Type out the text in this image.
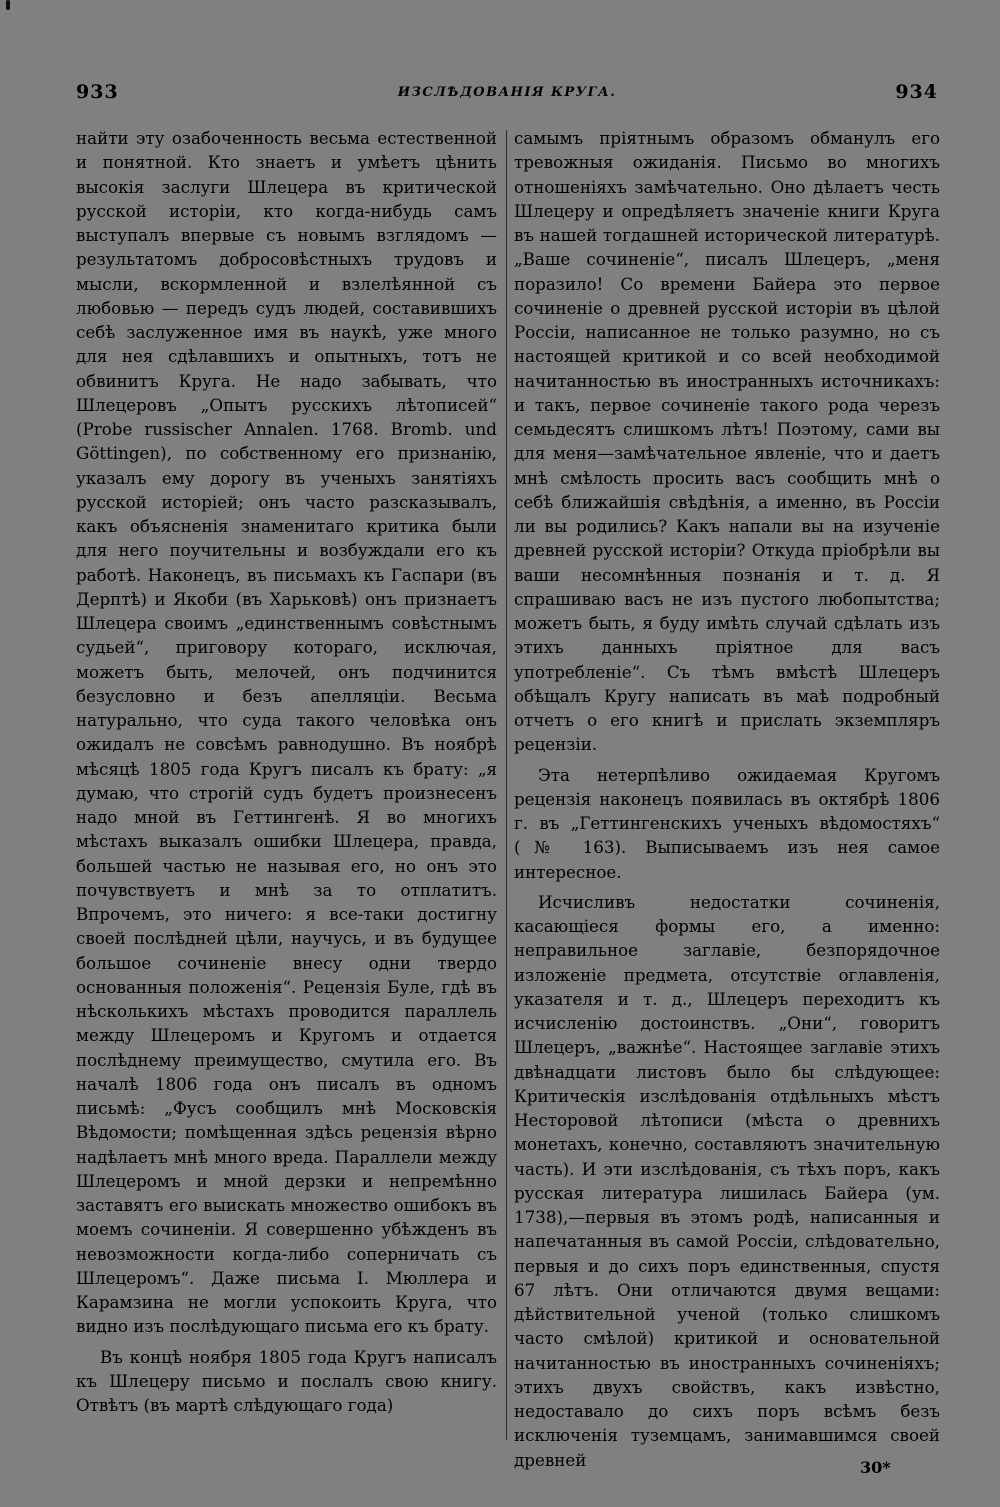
933	ИЗСЛѢДОВАНІЯ КРУГА.	934

найти эту озабоченность весьма естественной и понятной. Кто знаетъ и умѣетъ цѣнить высокія заслуги Шлецера въ критической русской исторіи, кто когда-нибудь самъ выступалъ впервые съ новымъ взглядомъ — результатомъ добросовѣстныхъ трудовъ и мысли, вскормленной и взлелѣянной съ любовью — передъ судъ людей, составившихъ себѣ заслуженное имя въ наукѣ, уже много для нея сдѣлавшихъ и опытныхъ, тотъ не обвинитъ Круга. Не надо забывать, что Шлецеровъ „Опытъ русскихъ лѣтописей“ (Probe russischer Annalen. 1768. Bromb. und Göttingen), по собственному его признанію, указалъ ему дорогу въ ученыхъ занятіяхъ русской исторіей; онъ часто разсказывалъ, какъ объясненія знаменитаго критика были для него поучительны и возбуждали его къ работѣ. Наконецъ, въ письмахъ къ Гаспари (въ Дерптѣ) и Якоби (въ Харьковѣ) онъ признаетъ Шлецера своимъ „единственнымъ совѣстнымъ судьей“, приговору котораго, исключая, можетъ быть, мелочей, онъ подчинится безусловно и безъ апелляціи. Весьма натурально, что суда такого человѣка онъ ожидалъ не совсѣмъ равнодушно. Въ ноябрѣ мѣсяцѣ 1805 года Кругъ писалъ къ брату: „я думаю, что строгій судъ будетъ произнесенъ надо мной въ Геттингенѣ. Я во многихъ мѣстахъ выказалъ ошибки Шлецера, правда, большей частью не называя его, но онъ это почувствуетъ и мнѣ за то отплатитъ. Впрочемъ, это ничего: я все-таки достигну своей послѣдней цѣли, научусь, и въ будущее большое сочиненіе внесу одни твердо основанныя положенія“. Рецензія Буле, гдѣ въ нѣсколькихъ мѣстахъ проводится параллель между Шлецеромъ и Кругомъ и отдается послѣднему преимущество, смутила его. Въ началѣ 1806 года онъ писалъ въ одномъ письмѣ: „Фусъ сообщилъ мнѣ Московскія Вѣдомости; помѣщенная здѣсь рецензія вѣрно надѣлаетъ мнѣ много вреда. Параллели между Шлецеромъ и мной дерзки и непремѣнно заставятъ его выискать множество ошибокъ въ моемъ сочиненіи. Я совершенно убѣжденъ въ невозможности когда-либо соперничать съ Шлецеромъ“. Даже письма І. Мюллера и Карамзина не могли успокоить Круга, что видно изъ послѣдующаго письма его къ брату.

Въ концѣ ноября 1805 года Кругъ написалъ къ Шлецеру письмо и послалъ свою книгу. Отвѣтъ (въ мартѣ слѣдующаго года)

самымъ пріятнымъ образомъ обманулъ его тревожныя ожиданія. Письмо во многихъ отношеніяхъ замѣчательно. Оно дѣлаетъ честь Шлецеру и опредѣляетъ значеніе книги Круга въ нашей тогдашней исторической литературѣ. „Ваше сочиненіе“, писалъ Шлецеръ, „меня поразило! Со времени Байера это первое сочиненіе о древней русской исторіи въ цѣлой Россіи, написанное не только разумно, но съ настоящей критикой и со всей необходимой начитанностью въ иностранныхъ источникахъ: и такъ, первое сочиненіе такого рода черезъ семьдесятъ слишкомъ лѣтъ! Поэтому, сами вы для меня—замѣчательное явленіе, что и даетъ мнѣ смѣлость просить васъ сообщить мнѣ о себѣ ближайшія свѣдѣнія, а именно, въ Россіи ли вы родились? Какъ напали вы на изученіе древней русской исторіи? Откуда пріобрѣли вы ваши несомнѣнныя познанія и т. д. Я спрашиваю васъ не изъ пустого любопытства; можетъ быть, я буду имѣть случай сдѣлать изъ этихъ данныхъ пріятное для васъ употребленіе“. Съ тѣмъ вмѣстѣ Шлецеръ обѣщалъ Кругу написать въ маѣ подробный отчетъ о его книгѣ и прислать экземпляръ рецензіи.

Эта нетерпѣливо ожидаемая Кругомъ рецензія наконецъ появилась въ октябрѣ 1806 г. въ „Геттингенскихъ ученыхъ вѣдомостяхъ“ (№ 163). Выписываемъ изъ нея самое интересное.

Исчисливъ недостатки сочиненія, касающіеся формы его, а именно: неправильное заглавіе, безпорядочное изложеніе предмета, отсутствіе оглавленія, указателя и т. д., Шлецеръ переходитъ къ исчисленію достоинствъ. „Они“, говоритъ Шлецеръ, „важнѣе“. Настоящее заглавіе этихъ двѣнадцати листовъ было бы слѣдующее: Критическія изслѣдованія отдѣльныхъ мѣстъ Несторовой лѣтописи (мѣста о древнихъ монетахъ, конечно, составляютъ значительную часть). И эти изслѣдованія, съ тѣхъ поръ, какъ русская литература лишилась Байера (ум. 1738),—первыя въ этомъ родѣ, написанныя и напечатанныя въ самой Россіи, слѣдовательно, первыя и до сихъ поръ единственныя, спустя 67 лѣтъ. Они отличаются двумя вещами: дѣйствительной ученой (только слишкомъ часто смѣлой) критикой и основательной начитанностью въ иностранныхъ сочиненіяхъ; этихъ двухъ свойствъ, какъ извѣстно, недоставало до сихъ поръ всѣмъ безъ исключенія туземцамъ, занимавшимся своей древней	30*
